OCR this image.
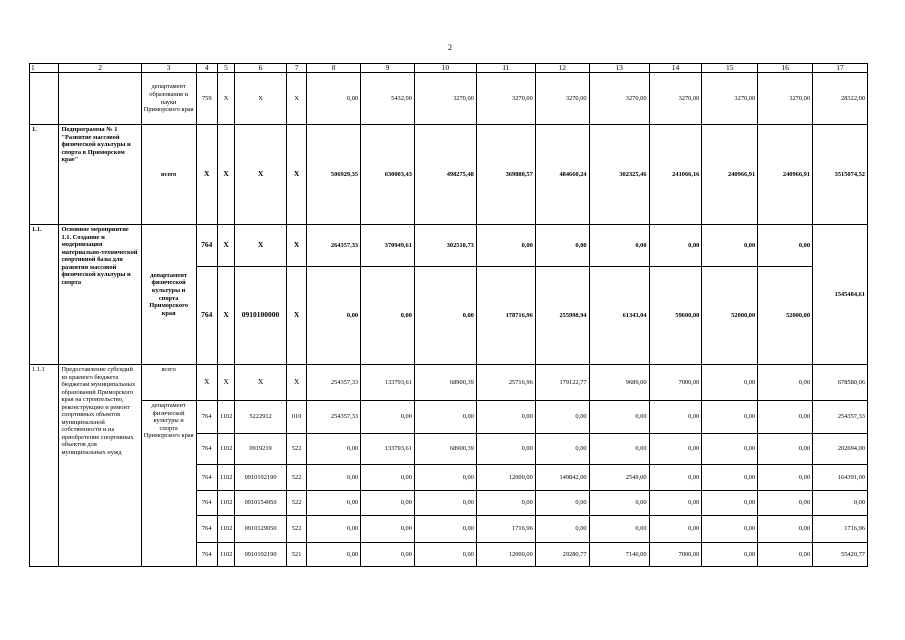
2
1	2	3	4	5	6	7	8	9	10	11	12	13	14	15	16	17
		департамент образования и науки Приморского края	759	X	X	X	0,00	5432,00	3270,00	3270,00	3270,00	3270,00	3270,00	3270,00	3270,00	28322,00
1.	Подпрограмма № 1 "Развитие массовой физической культуры и спорта в Приморском крае"	всего	X	X	X	X	506929,35	630003,43	498275,48	369880,57	484660,24	302325,46	241066,16	240966,91	240966,91	3515074,52
1.1.	Основное мероприятие 1.1. Создание и модернизация материально-технической спортивной базы для развития массовой физической культуры и спорта	департамент физической культуры и спорта Приморского края	764	X	X	X	264357,33	370949,61	302518,73	0,00	0,00	0,00	0,00	0,00	0,00	1545484,61
			764	X	0910100000	X	0,00	0,00	0,00	178716,96	255998,94	61343,04	59600,00	52000,00	52000,00	
1.1.1	Предоставление субсидий из краевого бюджета бюджетам муниципальных образований Приморского края на строительство, реконструкцию и ремонт спортивных объектов муниципальной собственности и на приобретение спортивных объектов для муниципальных нужд	всего	X	X	X	X	254357,33	133793,61	68900,39	25716,96	179122,77	9689,00	7000,00	0,00	0,00	678580,06
		департамент физической культуры и спорта Приморского края	764	1102	5222912	010	254357,33	0,00	0,00	0,00	0,00	0,00	0,00	0,00	0,00	254357,33
			764	1102	0919219	522	0,00	133793,61	68900,39	0,00	0,00	0,00	0,00	0,00	0,00	202694,00
			764	1102	0910192190	522	0,00	0,00	0,00	12000,00	149842,00	2549,00	0,00	0,00	0,00	164391,00
			764	1102	0910154950	522	0,00	0,00	0,00	0,00	0,00	0,00	0,00	0,00	0,00	0,00
			764	1102	0910129050	522	0,00	0,00	0,00	1716,96	0,00	0,00	0,00	0,00	0,00	1716,96
			764	1102	0910192190	521	0,00	0,00	0,00	12000,00	29280,77	7140,00	7000,00	0,00	0,00	55420,77
